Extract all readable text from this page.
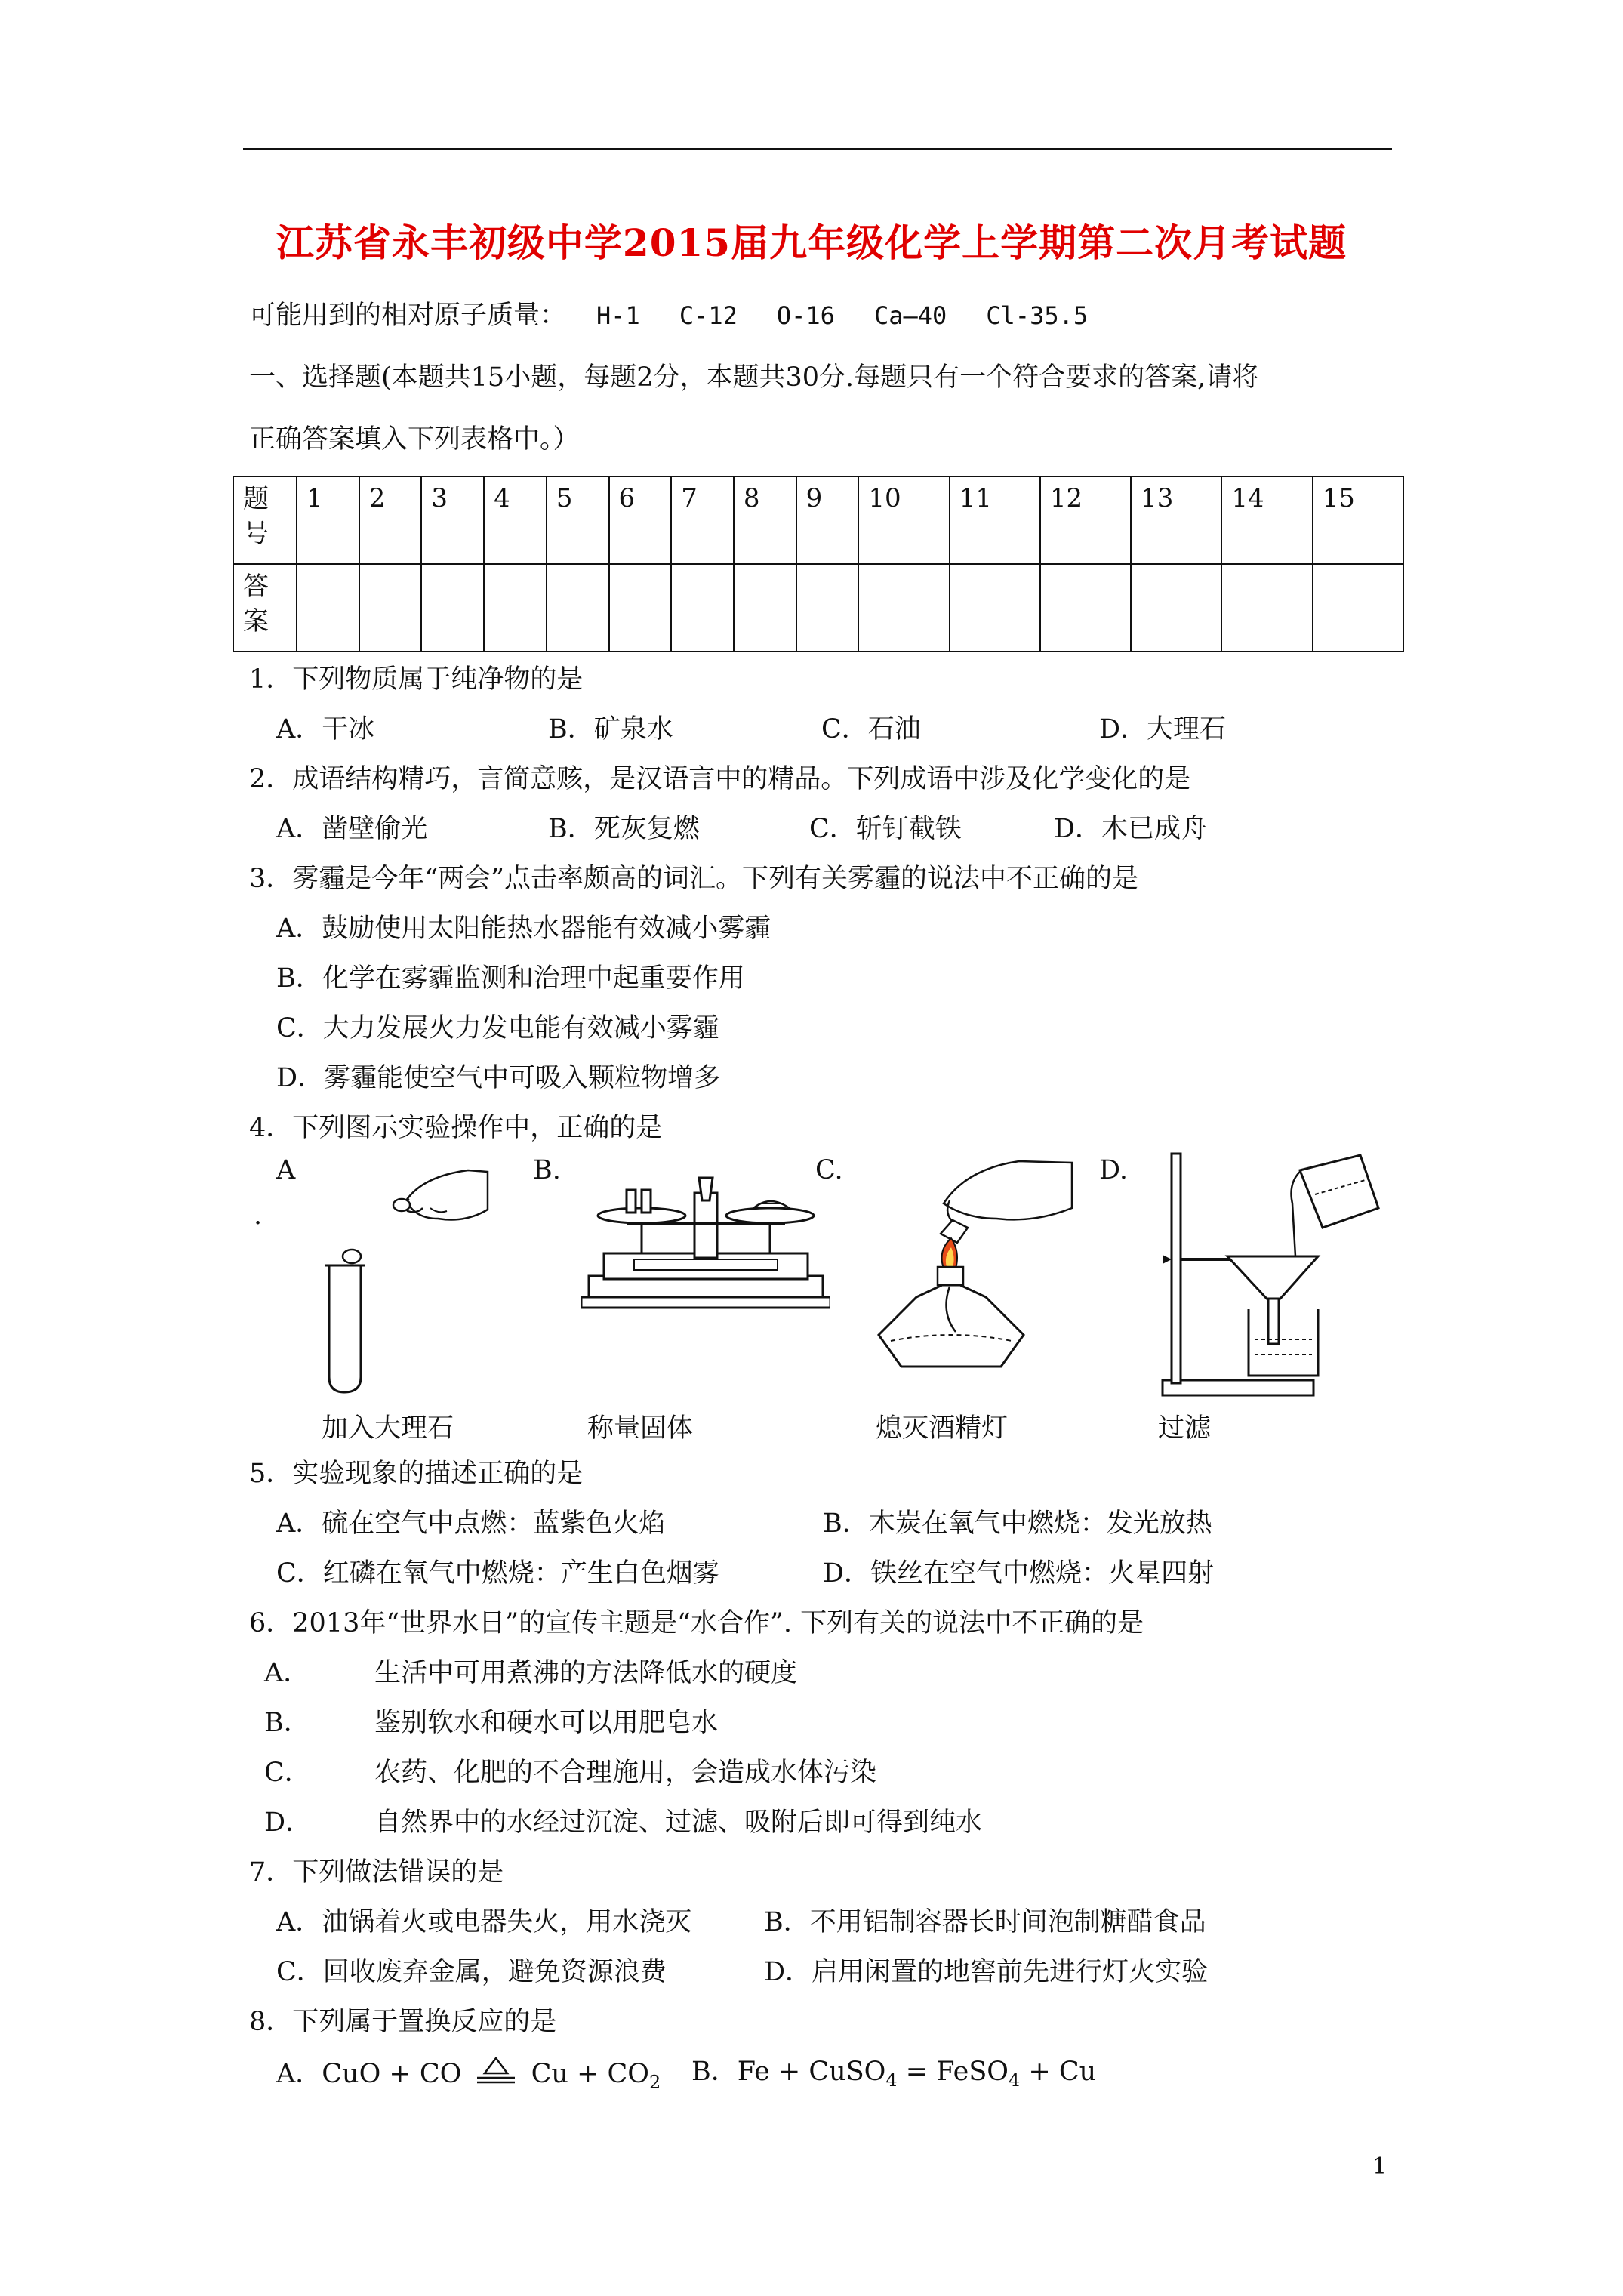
江苏省永丰初级中学2015届九年级化学上学期第二次月考试题
可能用到的相对原子质量： H-1 C-12 O-16 Ca—40 Cl-35.5
一、选择题(本题共15小题，每题2分，本题共30分.每题只有一个符合要求的答案,请将
正确答案填入下列表格中。）
题
号	1	2	3	4	5	6	7	8	9	10	11	12	13	14	15
答
案															
1．下列物质属于纯净物的是
A．干冰	B．矿泉水	C．石油	D．大理石
2．成语结构精巧，言简意赅，是汉语言中的精品。下列成语中涉及化学变化的是
A．凿壁偷光	B．死灰复燃	C．斩钉截铁	D．木已成舟
3．雾霾是今年“两会”点击率颇高的词汇。下列有关雾霾的说法中不正确的是
A．鼓励使用太阳能热水器能有效减小雾霾
B．化学在雾霾监测和治理中起重要作用
C．大力发展火力发电能有效减小雾霾
D．雾霾能使空气中可吸入颗粒物增多
4．下列图示实验操作中，正确的是
A
.
B.	C.	D.
加入大理石	称量固体	熄灭酒精灯	过滤
5．实验现象的描述正确的是
A．硫在空气中点燃：蓝紫色火焰	B．木炭在氧气中燃烧：发光放热
C．红磷在氧气中燃烧：产生白色烟雾	D．铁丝在空气中燃烧：火星四射
6．2013年“世界水日”的宣传主题是“水合作”. 下列有关的说法中不正确的是
A． 生活中可用煮沸的方法降低水的硬度
B． 鉴别软水和硬水可以用肥皂水
C． 农药、化肥的不合理施用，会造成水体污染
D． 自然界中的水经过沉淀、过滤、吸附后即可得到纯水
7．下列做法错误的是
A．油锅着火或电器失火，用水浇灭	B．不用铝制容器长时间泡制糖醋食品
C．回收废弃金属，避免资源浪费	D．启用闲置的地窖前先进行灯火实验
8．下列属于置换反应的是
A．CuO + CO	$Cu + CO_2$ B．Fe + CuSO$_4$ = FeSO$_4$ + Cu
1
